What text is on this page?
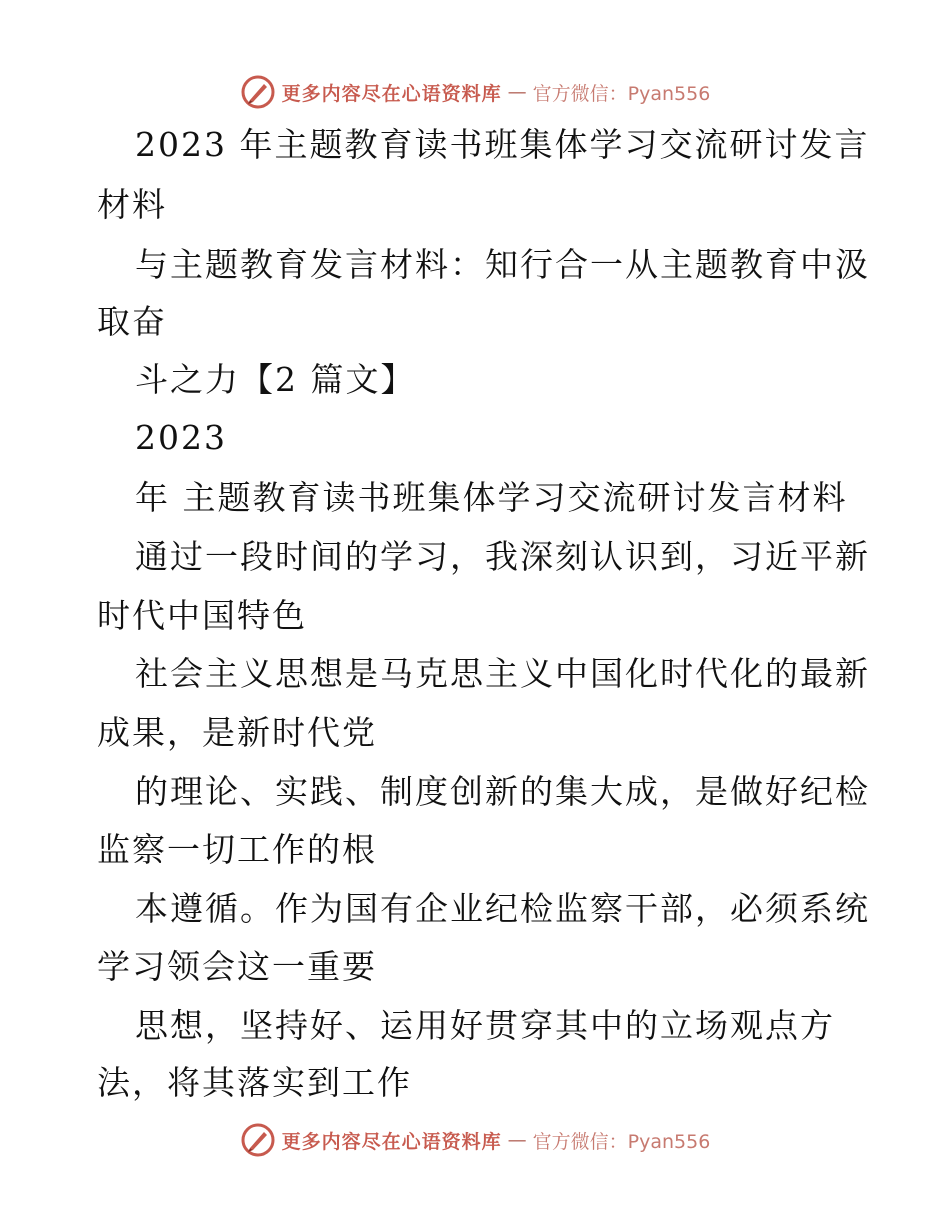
更多内容尽在心语资料库 — 官方微信：Pyan556
2023 年主题教育读书班集体学习交流研讨发言
材料
与主题教育发言材料：知行合一从主题教育中汲
取奋
斗之力【2 篇文】
2023
年 主题教育读书班集体学习交流研讨发言材料
通过一段时间的学习，我深刻认识到，习近平新
时代中国特色
社会主义思想是马克思主义中国化时代化的最新
成果，是新时代党
的理论、实践、制度创新的集大成，是做好纪检
监察一切工作的根
本遵循。作为国有企业纪检监察干部，必须系统
学习领会这一重要
思想，坚持好、运用好贯穿其中的立场观点方
法，将其落实到工作
更多内容尽在心语资料库 — 官方微信：Pyan556
